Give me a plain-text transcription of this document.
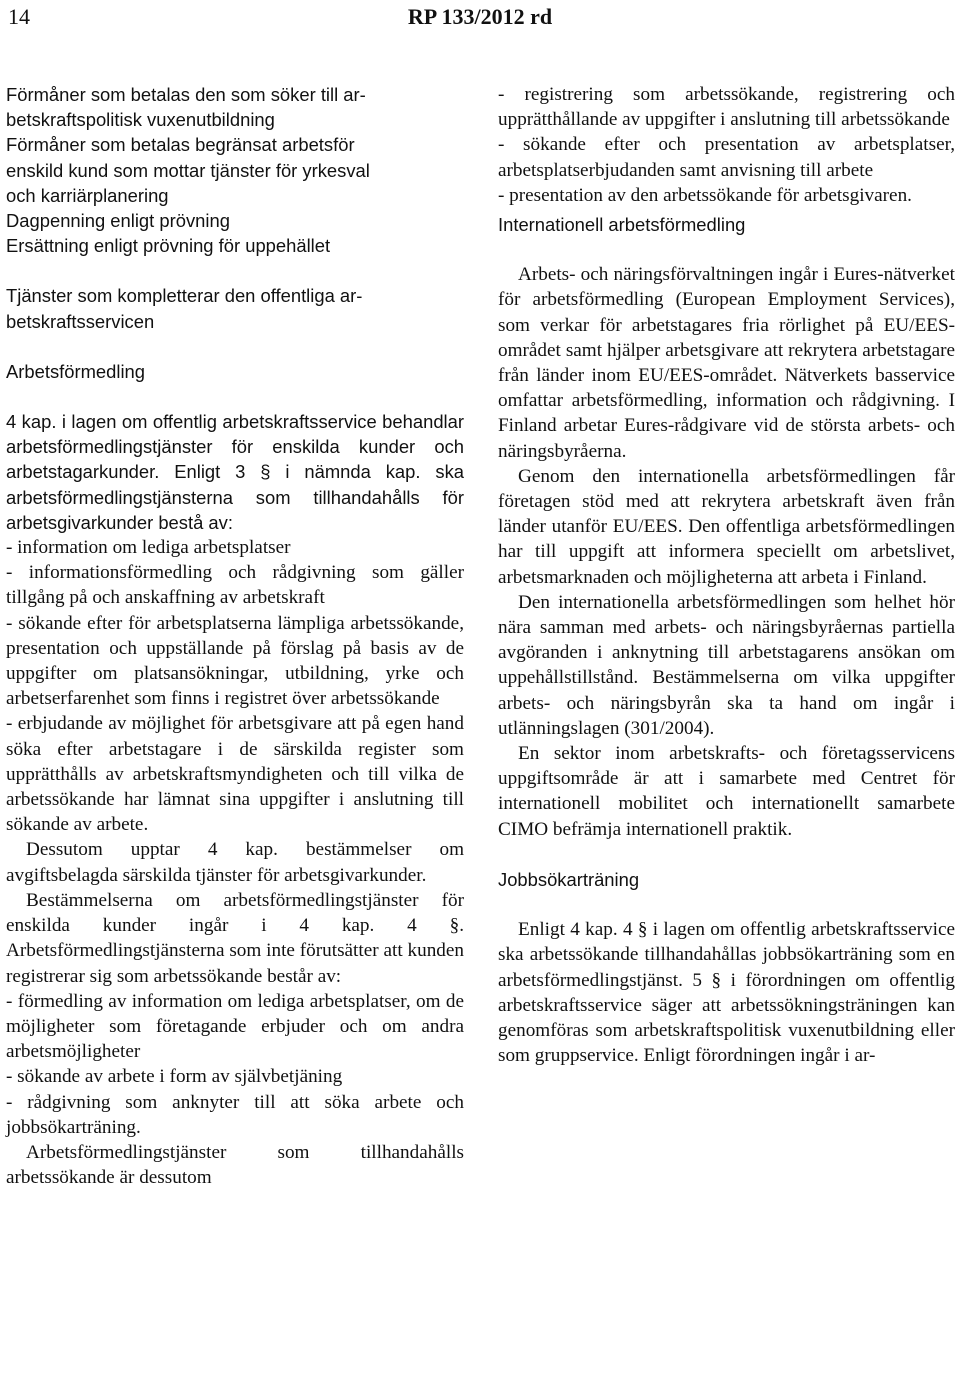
14	RP 133/2012 rd
Förmåner som betalas den som söker till ar-
betskraftspolitisk vuxenutbildning
Förmåner som betalas begränsat arbetsför
enskild kund som mottar tjänster för yrkesval
och karriärplanering
Dagpenning enligt prövning
Ersättning enligt prövning för uppehället
Tjänster som kompletterar den offentliga ar-
betskraftsservicen
Arbetsförmedling

4 kap. i lagen om offentlig arbetskraftsservice behandlar arbetsförmedlingstjänster för enskilda kunder och arbetstagarkunder. Enligt 3 § i nämnda kap. ska arbetsförmedlingstjänsterna som tillhandahålls för arbetsgivarkunder bestå av:

- information om lediga arbetsplatser

- informationsförmedling och rådgivning som gäller tillgång på och anskaffning av arbetskraft

- sökande efter för arbetsplatserna lämpliga arbetssökande, presentation och uppställande på förslag på basis av de uppgifter om platsansökningar, utbildning, yrke och arbetserfarenhet som finns i registret över arbetssökande

- erbjudande av möjlighet för arbetsgivare att på egen hand söka efter arbetstagare i de särskilda register som upprätthålls av arbetskraftsmyndigheten och till vilka de arbetssökande har lämnat sina uppgifter i anslutning till sökande av arbete.

Dessutom upptar 4 kap. bestämmelser om avgiftsbelagda särskilda tjänster för arbetsgivarkunder.

Bestämmelserna om arbetsförmedlingstjänster för enskilda kunder ingår i 4 kap. 4 §. Arbetsförmedlingstjänsterna som inte förutsätter att kunden registrerar sig som arbetssökande består av:

- förmedling av information om lediga arbetsplatser, om de möjligheter som företagande erbjuder och om andra arbetsmöjligheter

- sökande av arbete i form av självbetjäning

- rådgivning som anknyter till att söka arbete och jobbsökarträning.

Arbetsförmedlingstjänster som tillhandahålls arbetssökande är dessutom

- registrering som arbetssökande, registrering och upprätthållande av uppgifter i anslutning till arbetssökande

- sökande efter och presentation av arbetsplatser, arbetsplatserbjudanden samt anvisning till arbete

- presentation av den arbetssökande för arbetsgivaren.

Internationell arbetsförmedling

Arbets- och näringsförvaltningen ingår i Eures-nätverket för arbetsförmedling (European Employment Services), som verkar för arbetstagares fria rörlighet på EU/EES-området samt hjälper arbetsgivare att rekrytera arbetstagare från länder inom EU/EES-området. Nätverkets basservice omfattar arbetsförmedling, information och rådgivning. I Finland arbetar Eures-rådgivare vid de största arbets- och näringsbyråerna.

Genom den internationella arbetsförmedlingen får företagen stöd med att rekrytera arbetskraft även från länder utanför EU/EES. Den offentliga arbetsförmedlingen har till uppgift att informera speciellt om arbetslivet, arbetsmarknaden och möjligheterna att arbeta i Finland.

Den internationella arbetsförmedlingen som helhet hör nära samman med arbets- och näringsbyråernas partiella avgöranden i anknytning till arbetstagarens ansökan om uppehållstillstånd. Bestämmelserna om vilka uppgifter arbets- och näringsbyrån ska ta hand om ingår i utlänningslagen (301/2004).

En sektor inom arbetskrafts- och företagsservicens uppgiftsområde är att i samarbete med Centret för internationell mobilitet och internationellt samarbete CIMO befrämja internationell praktik.

Jobbsökarträning

Enligt 4 kap. 4 § i lagen om offentlig arbetskraftsservice ska arbetssökande tillhandahållas jobbsökarträning som en arbetsförmedlingstjänst. 5 § i förordningen om offentlig arbetskraftsservice säger att arbetssökningsträningen kan genomföras som arbetskraftspolitisk vuxenutbildning eller som gruppservice. Enligt förordningen ingår i ar-
